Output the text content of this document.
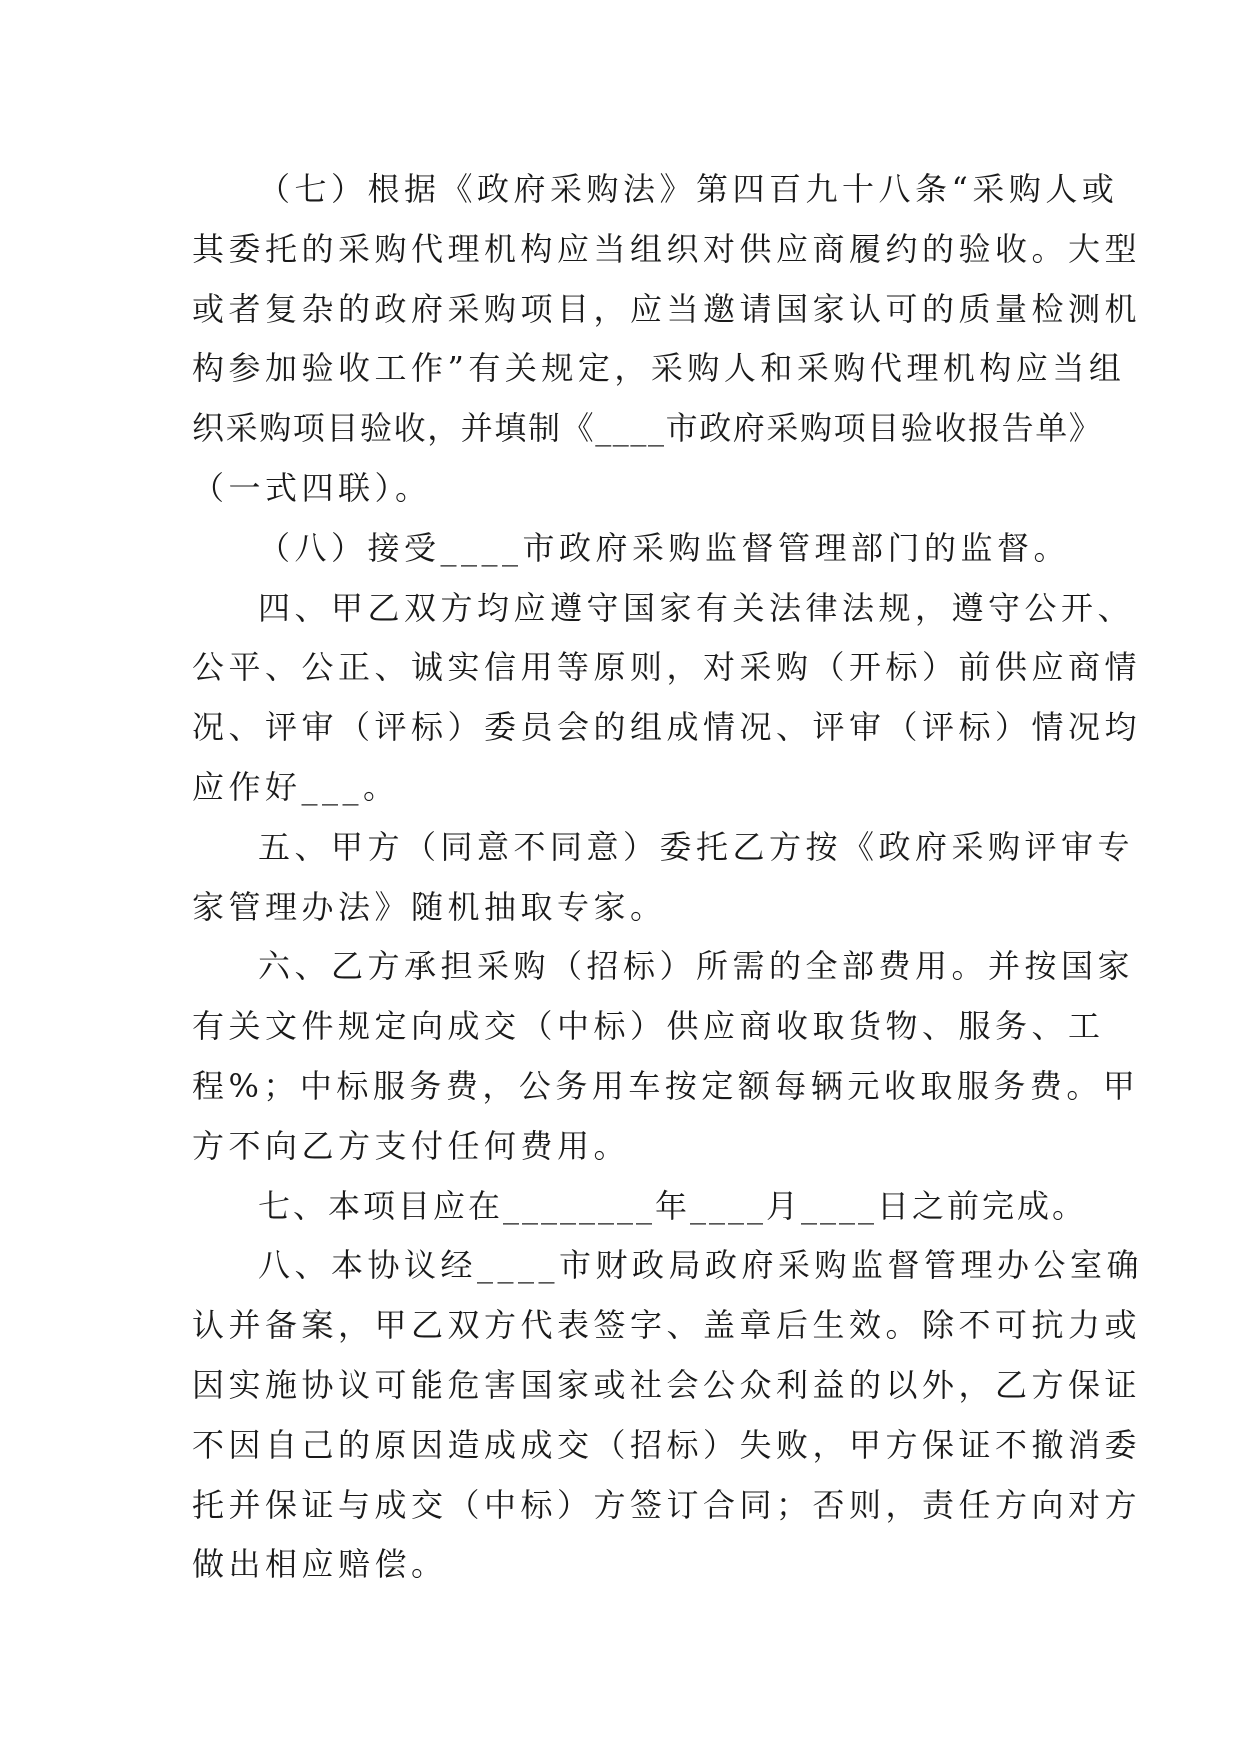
（七）根据《政府采购法》第四百九十八条“采购人或
其委托的采购代理机构应当组织对供应商履约的验收。大型
或者复杂的政府采购项目，应当邀请国家认可的质量检测机
构参加验收工作”有关规定，采购人和采购代理机构应当组
织采购项目验收，并填制《____市政府采购项目验收报告单》
（一式四联）。
（八）接受____市政府采购监督管理部门的监督。
四、甲乙双方均应遵守国家有关法律法规，遵守公开、
公平、公正、诚实信用等原则，对采购（开标）前供应商情
况、评审（评标）委员会的组成情况、评审（评标）情况均
应作好___。
五、甲方（同意不同意）委托乙方按《政府采购评审专
家管理办法》随机抽取专家。
六、乙方承担采购（招标）所需的全部费用。并按国家
有关文件规定向成交（中标）供应商收取货物、服务、工
程%；中标服务费，公务用车按定额每辆元收取服务费。甲
方不向乙方支付任何费用。
七、本项目应在________年____月____日之前完成。
八、本协议经____市财政局政府采购监督管理办公室确
认并备案，甲乙双方代表签字、盖章后生效。除不可抗力或
因实施协议可能危害国家或社会公众利益的以外，乙方保证
不因自己的原因造成成交（招标）失败，甲方保证不撤消委
托并保证与成交（中标）方签订合同；否则，责任方向对方
做出相应赔偿。
